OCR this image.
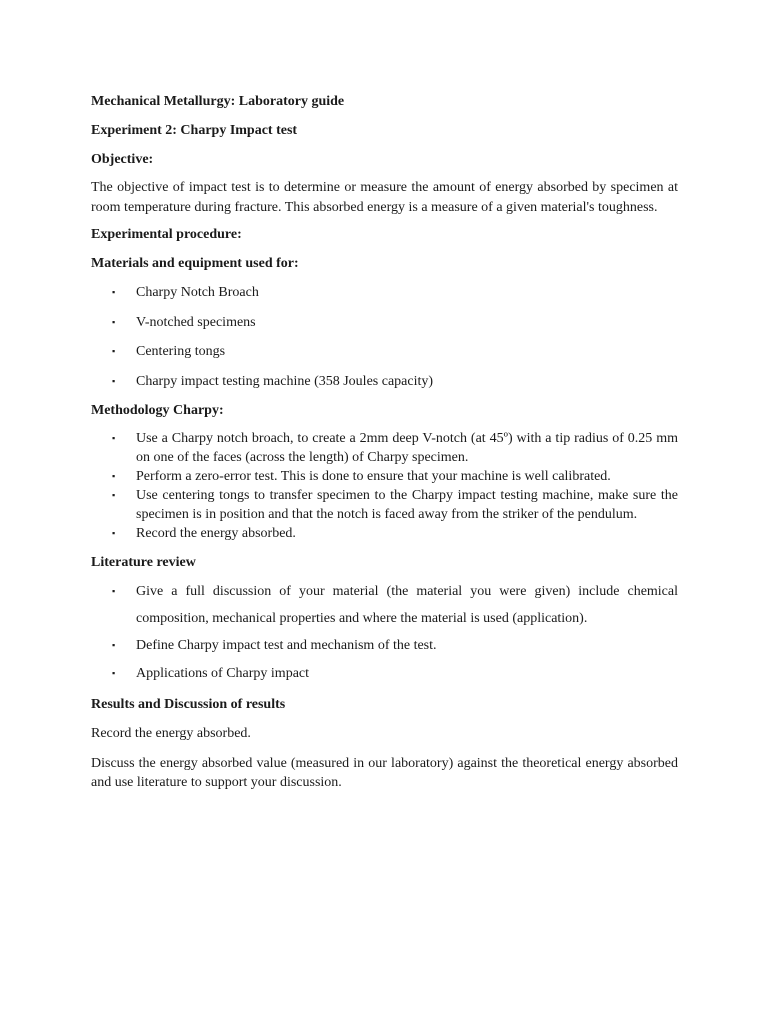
Mechanical Metallurgy: Laboratory guide

Experiment 2: Charpy Impact test

Objective:

The objective of impact test is to determine or measure the amount of energy absorbed by specimen at room temperature during fracture. This absorbed energy is a measure of a given material's toughness.

Experimental procedure:

Materials and equipment used for:

▪ Charpy Notch Broach
▪ V-notched specimens
▪ Centering tongs
▪ Charpy impact testing machine (358 Joules capacity)

Methodology Charpy:

▪ Use a Charpy notch broach, to create a 2mm deep V-notch (at 45º) with a tip radius of 0.25 mm on one of the faces (across the length) of Charpy specimen.
▪ Perform a zero-error test. This is done to ensure that your machine is well calibrated.
▪ Use centering tongs to transfer specimen to the Charpy impact testing machine, make sure the specimen is in position and that the notch is faced away from the striker of the pendulum.
▪ Record the energy absorbed.

Literature review

▪ Give a full discussion of your material (the material you were given) include chemical composition, mechanical properties and where the material is used (application).
▪ Define Charpy impact test and mechanism of the test.
▪ Applications of Charpy impact

Results and Discussion of results

Record the energy absorbed.

Discuss the energy absorbed value (measured in our laboratory) against the theoretical energy absorbed and use literature to support your discussion.
